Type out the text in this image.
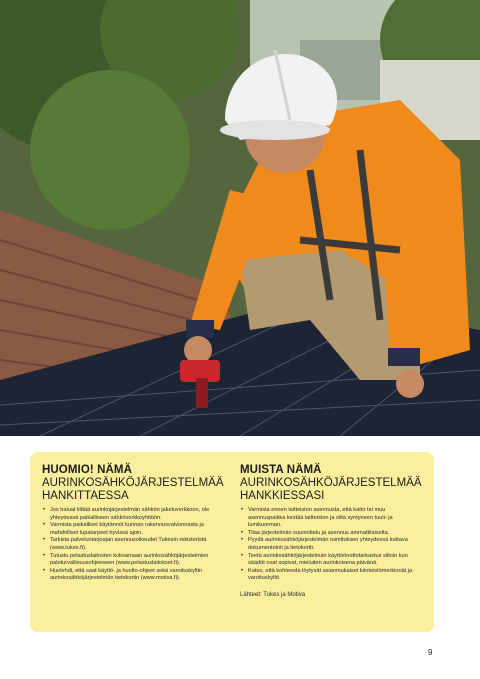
HUOMIO! NÄMÄ
AURINKOSÄHKÖJÄRJESTELMÄÄ
HANKITTAESSA
• Jos haluat liittää aurinkojärjestelmän sähkön jakeluverkkoon, ole yhteydessä paikalliseen sähköverkkoyhtiöön.
• Varmista paikalliset käytännöt kunnan rakennusvalvonnasta ja mahdolliset lupatarpeet hyvissä ajoin.
• Tarkista palveluntarjoajan asennusoikeudet Tukesin rekisteristä (www.tukes.fi).
• Tutustu pelastuslaitosten kokoamaan aurinkosähköjärjestelmien paloturvallisuusohjeeseen (www.pelastuslaitokset.fi).
• Huolehdi, että saat käyttö- ja huolto-ohjeet sekä varoituskyltin aurinkosähköjärjestelmän tietokortin (www.motiva.fi).
MUISTA NÄMÄ
AURINKOSÄHKÖJÄRJESTELMÄÄ
HANKKIESSASI
• Varmista ennen laitteiston asennusta, että katto tai muu asennuspaikka kestää laitteiston ja siitä syntyneen tuuli- ja lumikuorman.
• Tilaa järjestelmän suunnittelu ja asennus ammattilaiselta.
• Pyydä aurinkosähköjärjestelmän toimituksen yhteydessä kattava dokumentointi ja tietokortti.
• Teetä aurinkosähköjärjestelmän käyttöönottotarkastus siltoin kun säädöt ovat sopivat, mieluiten aurinkoisena päivänä.
• Katso, että kohteesta löytyvät asianmukaiset kiinteistömerkinnät ja varoituskyltit.
Lähteet: Tukes ja Motiva
9
